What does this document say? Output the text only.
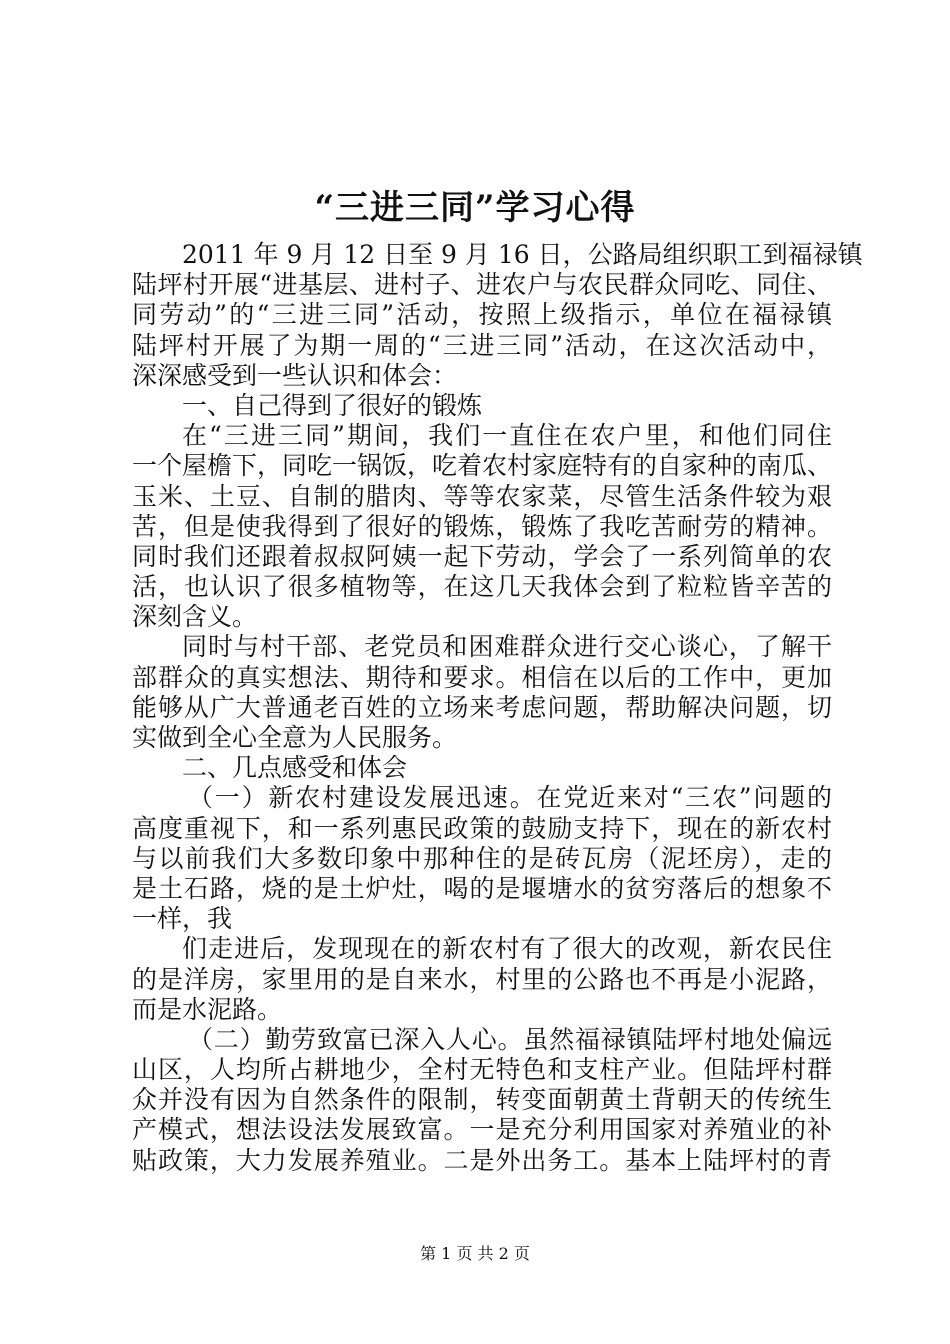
“三进三同”学习心得
2011 年 9 月 12 日至 9 月 16 日，公路局组织职工到福禄镇
陆坪村开展“进基层、进村子、进农户与农民群众同吃、同住、
同劳动”的“三进三同”活动，按照上级指示，单位在福禄镇
陆坪村开展了为期一周的“三进三同”活动，在这次活动中，
深深感受到一些认识和体会：
一、自己得到了很好的锻炼
在“三进三同”期间，我们一直住在农户里，和他们同住
一个屋檐下，同吃一锅饭，吃着农村家庭特有的自家种的南瓜、
玉米、土豆、自制的腊肉、等等农家菜，尽管生活条件较为艰
苦，但是使我得到了很好的锻炼，锻炼了我吃苦耐劳的精神。
同时我们还跟着叔叔阿姨一起下劳动，学会了一系列简单的农
活，也认识了很多植物等，在这几天我体会到了粒粒皆辛苦的
深刻含义。
同时与村干部、老党员和困难群众进行交心谈心，了解干
部群众的真实想法、期待和要求。相信在以后的工作中，更加
能够从广大普通老百姓的立场来考虑问题，帮助解决问题，切
实做到全心全意为人民服务。
二、几点感受和体会
（一）新农村建设发展迅速。在党近来对“三农”问题的
高度重视下，和一系列惠民政策的鼓励支持下，现在的新农村
与以前我们大多数印象中那种住的是砖瓦房（泥坯房），走的
是土石路，烧的是土炉灶，喝的是堰塘水的贫穷落后的想象不
一样，我
们走进后，发现现在的新农村有了很大的改观，新农民住
的是洋房，家里用的是自来水，村里的公路也不再是小泥路，
而是水泥路。
（二）勤劳致富已深入人心。虽然福禄镇陆坪村地处偏远
山区，人均所占耕地少，全村无特色和支柱产业。但陆坪村群
众并没有因为自然条件的限制，转变面朝黄土背朝天的传统生
产模式，想法设法发展致富。一是充分利用国家对养殖业的补
贴政策，大力发展养殖业。二是外出务工。基本上陆坪村的青
第 1 页 共 2 页
